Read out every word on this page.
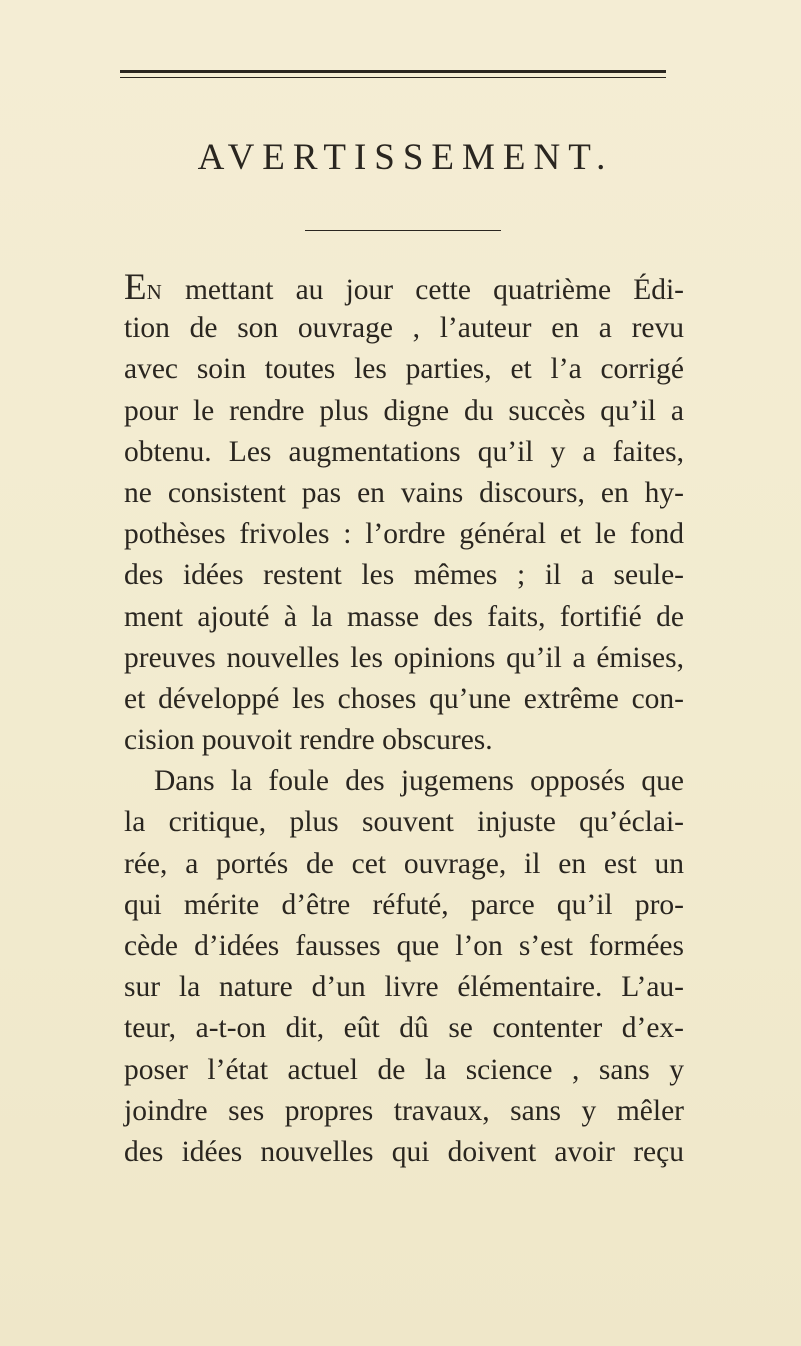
AVERTISSEMENT.
EN mettant au jour cette quatrième Édi-
tion de son ouvrage , l’auteur en a revu
avec soin toutes les parties, et l’a corrigé
pour le rendre plus digne du succès qu’il a
obtenu. Les augmentations qu’il y a faites,
ne consistent pas en vains discours, en hy-
pothèses frivoles : l’ordre général et le fond
des idées restent les mêmes ; il a seule-
ment ajouté à la masse des faits, fortifié de
preuves nouvelles les opinions qu’il a émises,
et développé les choses qu’une extrême con-
cision pouvoit rendre obscures.
Dans la foule des jugemens opposés que
la critique, plus souvent injuste qu’éclai-
rée, a portés de cet ouvrage, il en est un
qui mérite d’être réfuté, parce qu’il pro-
cède d’idées fausses que l’on s’est formées
sur la nature d’un livre élémentaire. L’au-
teur, a-t-on dit, eût dû se contenter d’ex-
poser l’état actuel de la science , sans y
joindre ses propres travaux, sans y mêler
des idées nouvelles qui doivent avoir reçu
